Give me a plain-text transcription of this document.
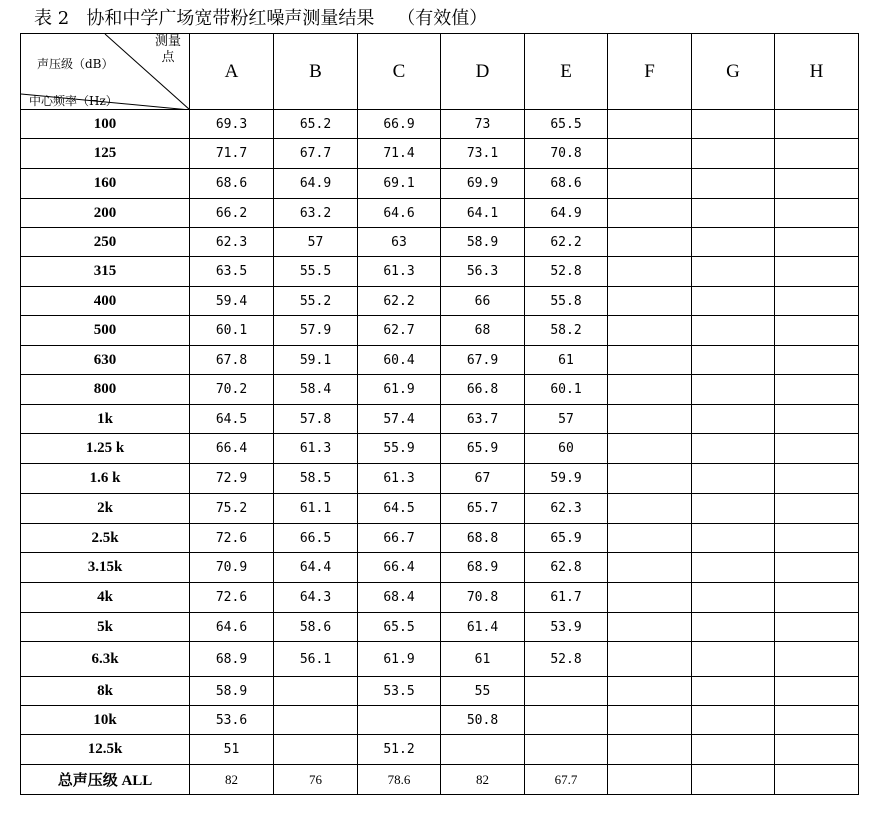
表 2   协和中学广场宽带粉红噪声测量结果    （有效值）
测量
点
声压级（dB）
中心频率（Hz）	A	B	C	D	E	F	G	H
100	69.3	65.2	66.9	73	65.5			
125	71.7	67.7	71.4	73.1	70.8			
160	68.6	64.9	69.1	69.9	68.6			
200	66.2	63.2	64.6	64.1	64.9			
250	62.3	57	63	58.9	62.2			
315	63.5	55.5	61.3	56.3	52.8			
400	59.4	55.2	62.2	66	55.8			
500	60.1	57.9	62.7	68	58.2			
630	67.8	59.1	60.4	67.9	61			
800	70.2	58.4	61.9	66.8	60.1			
1k	64.5	57.8	57.4	63.7	57			
1.25 k	66.4	61.3	55.9	65.9	60			
1.6 k	72.9	58.5	61.3	67	59.9			
2k	75.2	61.1	64.5	65.7	62.3			
2.5k	72.6	66.5	66.7	68.8	65.9			
3.15k	70.9	64.4	66.4	68.9	62.8			
4k	72.6	64.3	68.4	70.8	61.7			
5k	64.6	58.6	65.5	61.4	53.9			
6.3k	68.9	56.1	61.9	61	52.8			
8k	58.9		53.5	55				
10k	53.6			50.8				
12.5k	51		51.2					
总声压级 ALL	82	76	78.6	82	67.7			
